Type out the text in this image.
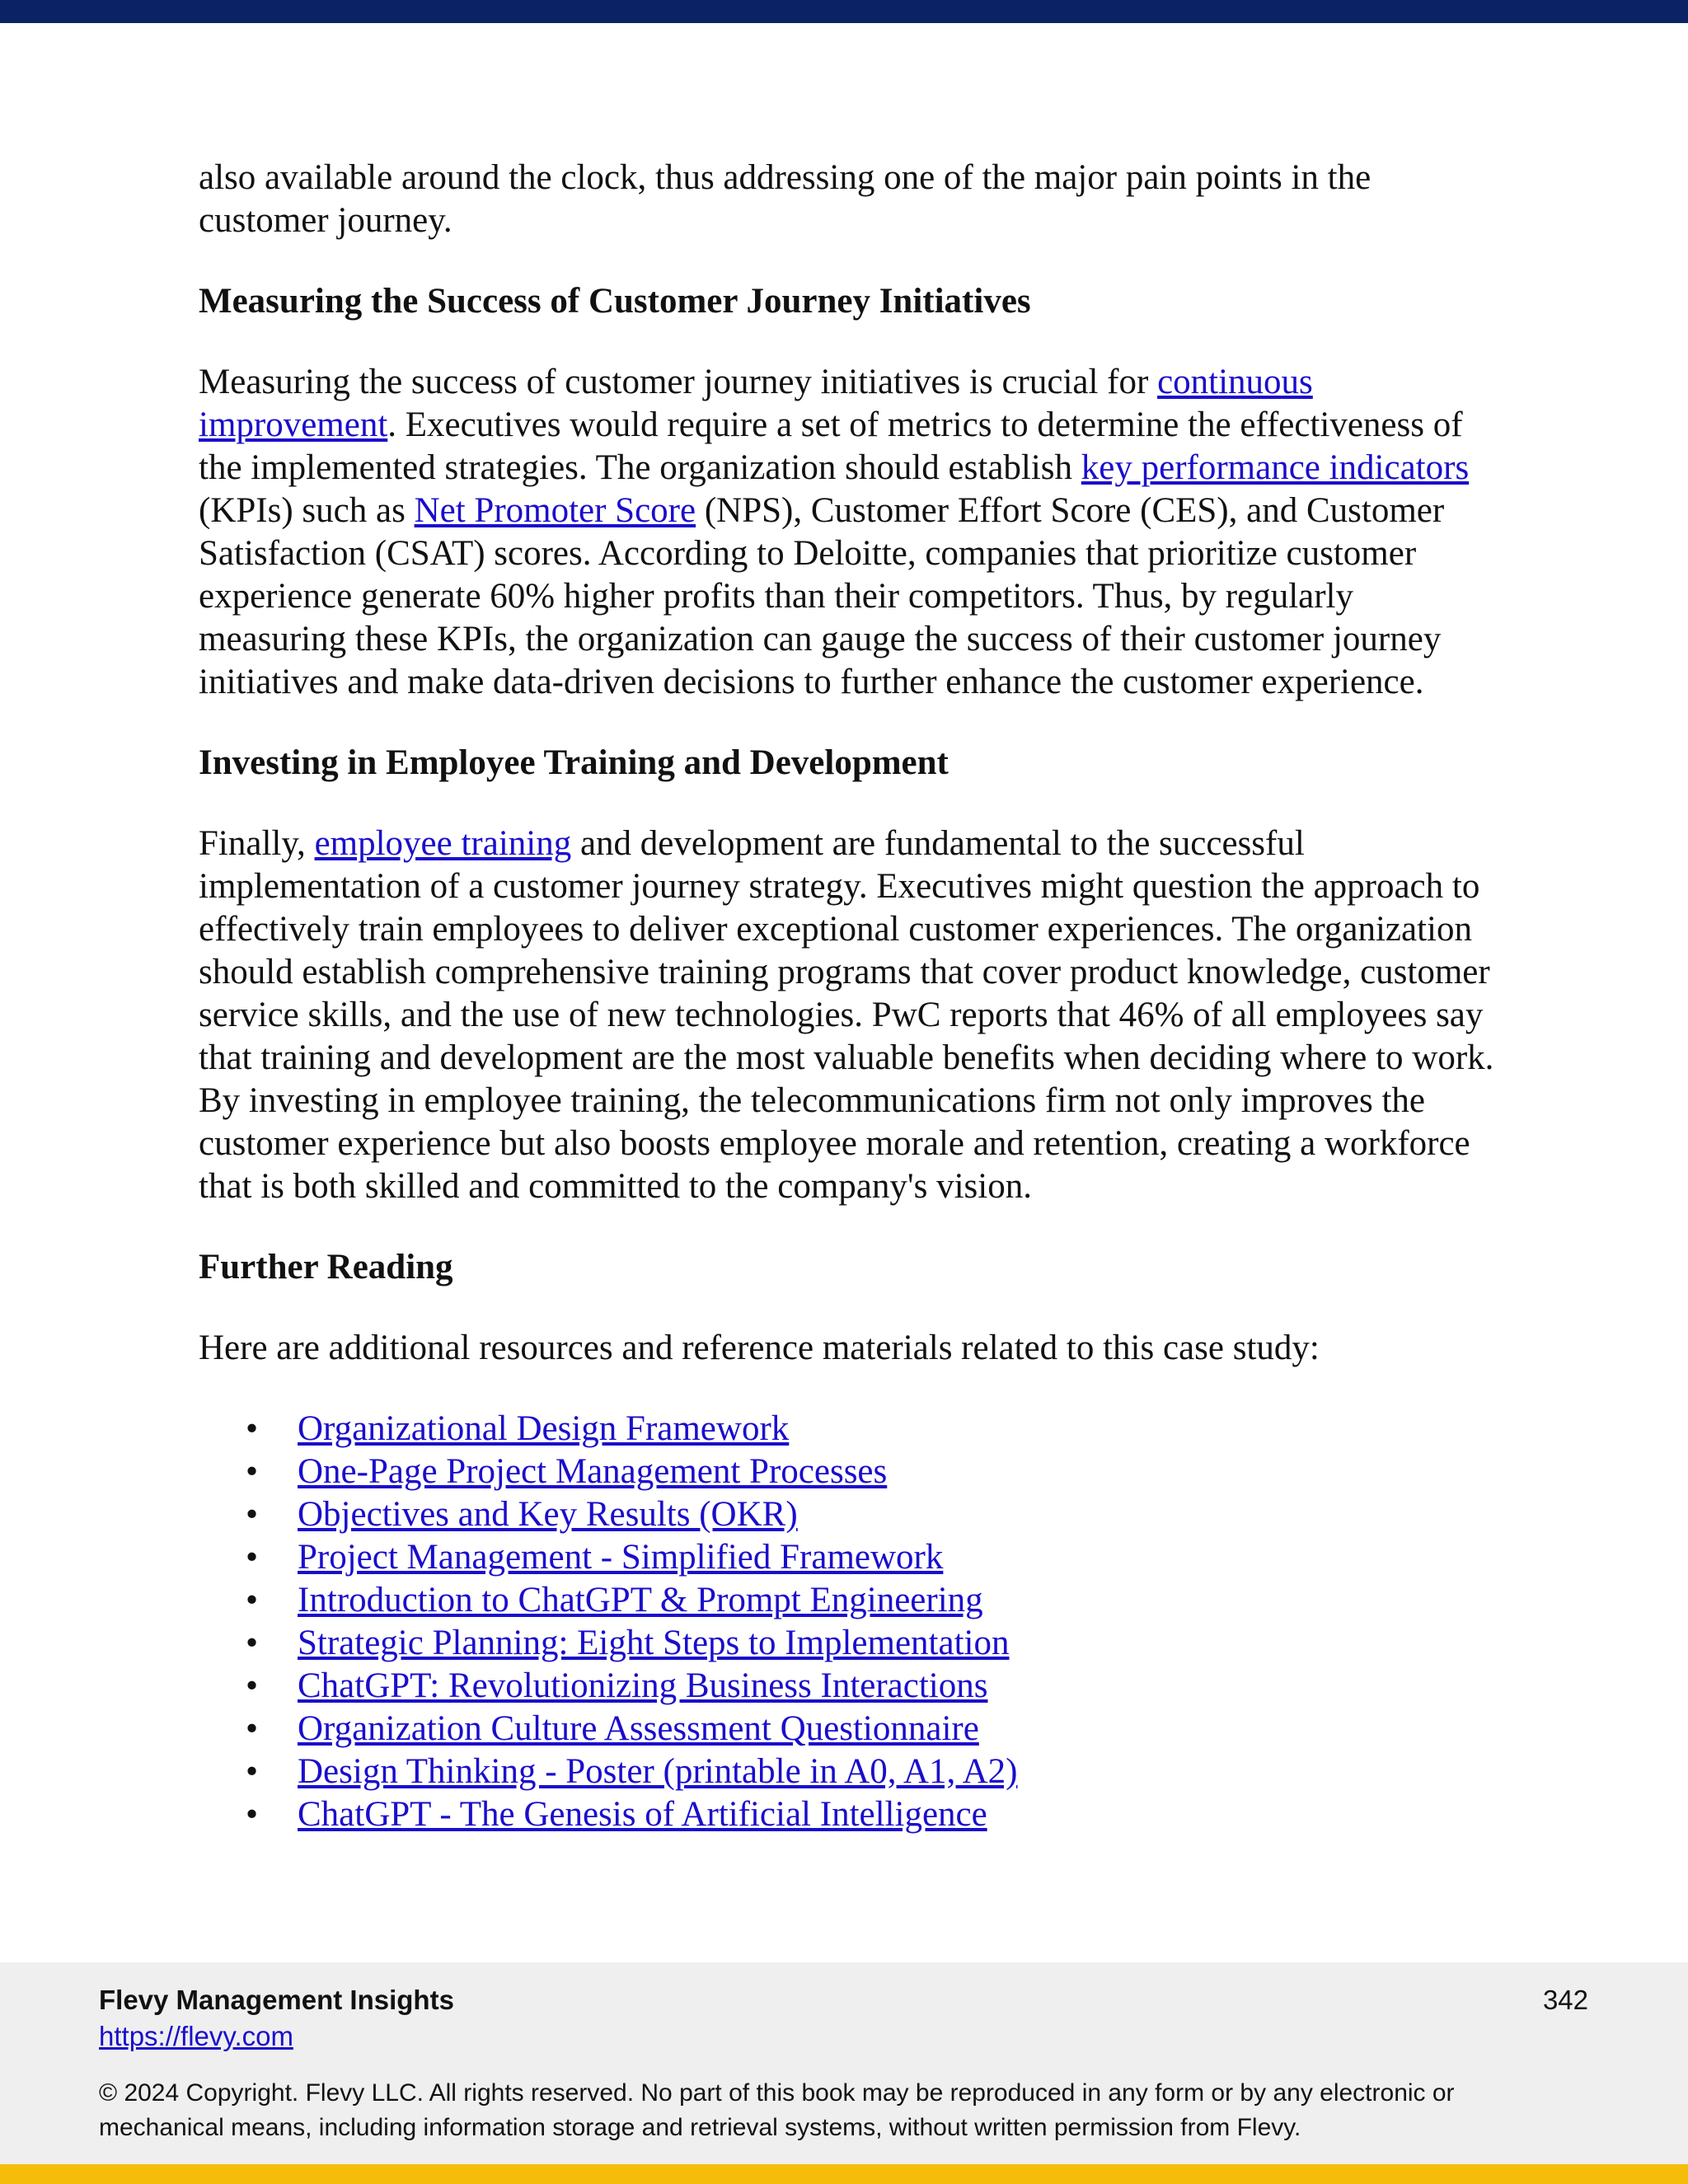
also available around the clock, thus addressing one of the major pain points in the customer journey.

Measuring the Success of Customer Journey Initiatives

Measuring the success of customer journey initiatives is crucial for continuous improvement. Executives would require a set of metrics to determine the effectiveness of the implemented strategies. The organization should establish key performance indicators (KPIs) such as Net Promoter Score (NPS), Customer Effort Score (CES), and Customer Satisfaction (CSAT) scores. According to Deloitte, companies that prioritize customer experience generate 60% higher profits than their competitors. Thus, by regularly measuring these KPIs, the organization can gauge the success of their customer journey initiatives and make data-driven decisions to further enhance the customer experience.

Investing in Employee Training and Development

Finally, employee training and development are fundamental to the successful implementation of a customer journey strategy. Executives might question the approach to effectively train employees to deliver exceptional customer experiences. The organization should establish comprehensive training programs that cover product knowledge, customer service skills, and the use of new technologies. PwC reports that 46% of all employees say that training and development are the most valuable benefits when deciding where to work. By investing in employee training, the telecommunications firm not only improves the customer experience but also boosts employee morale and retention, creating a workforce that is both skilled and committed to the company's vision.

Further Reading

Here are additional resources and reference materials related to this case study:

• Organizational Design Framework
• One-Page Project Management Processes
• Objectives and Key Results (OKR)
• Project Management - Simplified Framework
• Introduction to ChatGPT & Prompt Engineering
• Strategic Planning: Eight Steps to Implementation
• ChatGPT: Revolutionizing Business Interactions
• Organization Culture Assessment Questionnaire
• Design Thinking - Poster (printable in A0, A1, A2)
• ChatGPT - The Genesis of Artificial Intelligence
Flevy Management Insights
https://flevy.com
342
© 2024 Copyright. Flevy LLC. All rights reserved. No part of this book may be reproduced in any form or by any electronic or mechanical means, including information storage and retrieval systems, without written permission from Flevy.
